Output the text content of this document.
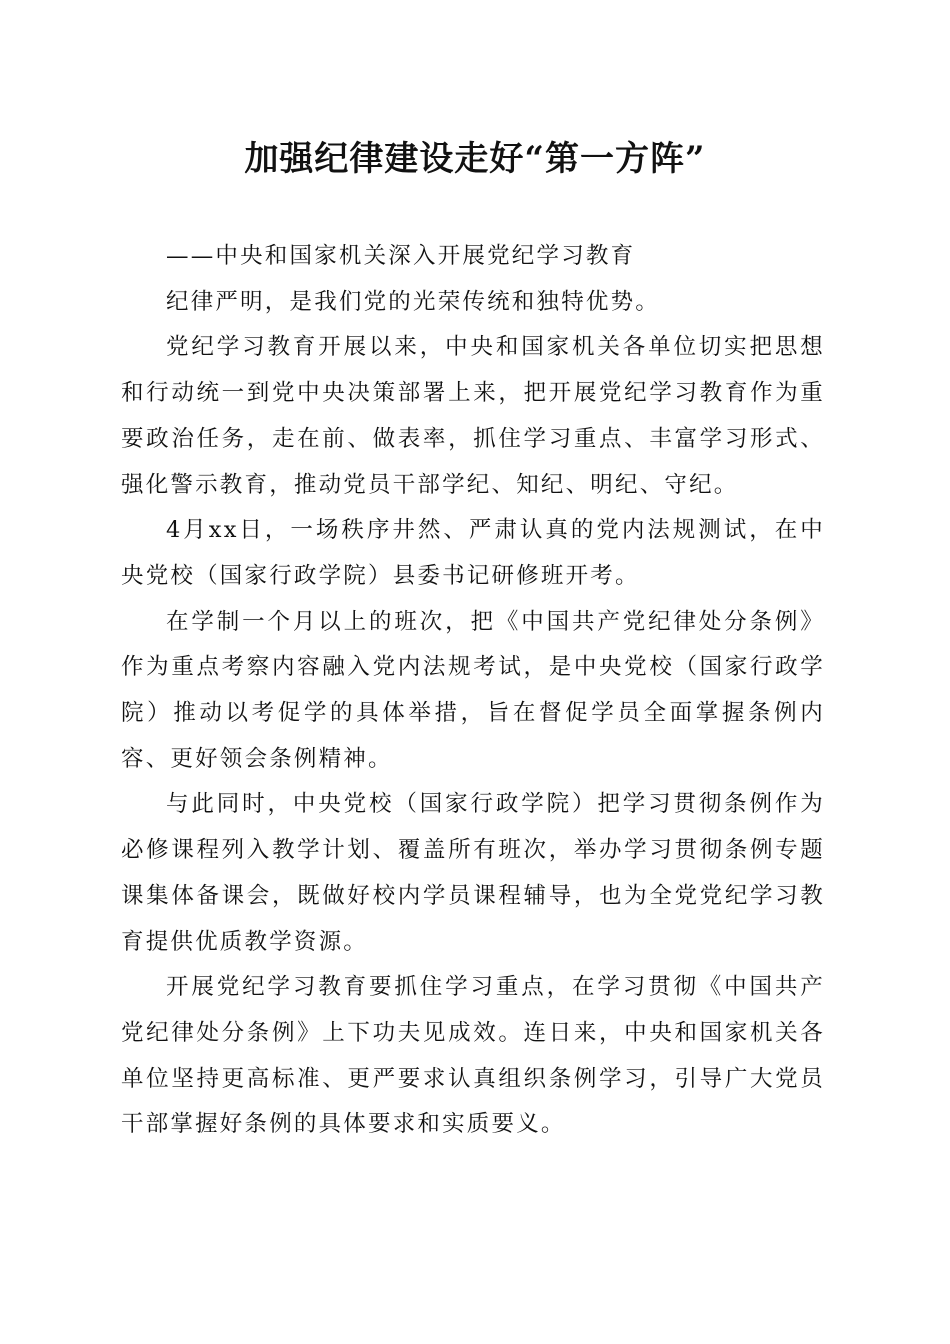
加强纪律建设走好“第一方阵”

——中央和国家机关深入开展党纪学习教育

纪律严明，是我们党的光荣传统和独特优势。

党纪学习教育开展以来，中央和国家机关各单位切实把思想和行动统一到党中央决策部署上来，把开展党纪学习教育作为重要政治任务，走在前、做表率，抓住学习重点、丰富学习形式、强化警示教育，推动党员干部学纪、知纪、明纪、守纪。

4月xx日，一场秩序井然、严肃认真的党内法规测试，在中央党校（国家行政学院）县委书记研修班开考。

在学制一个月以上的班次，把《中国共产党纪律处分条例》作为重点考察内容融入党内法规考试，是中央党校（国家行政学院）推动以考促学的具体举措，旨在督促学员全面掌握条例内容、更好领会条例精神。

与此同时，中央党校（国家行政学院）把学习贯彻条例作为必修课程列入教学计划、覆盖所有班次，举办学习贯彻条例专题课集体备课会，既做好校内学员课程辅导，也为全党党纪学习教育提供优质教学资源。

开展党纪学习教育要抓住学习重点，在学习贯彻《中国共产党纪律处分条例》上下功夫见成效。连日来，中央和国家机关各单位坚持更高标准、更严要求认真组织条例学习，引导广大党员干部掌握好条例的具体要求和实质要义。
